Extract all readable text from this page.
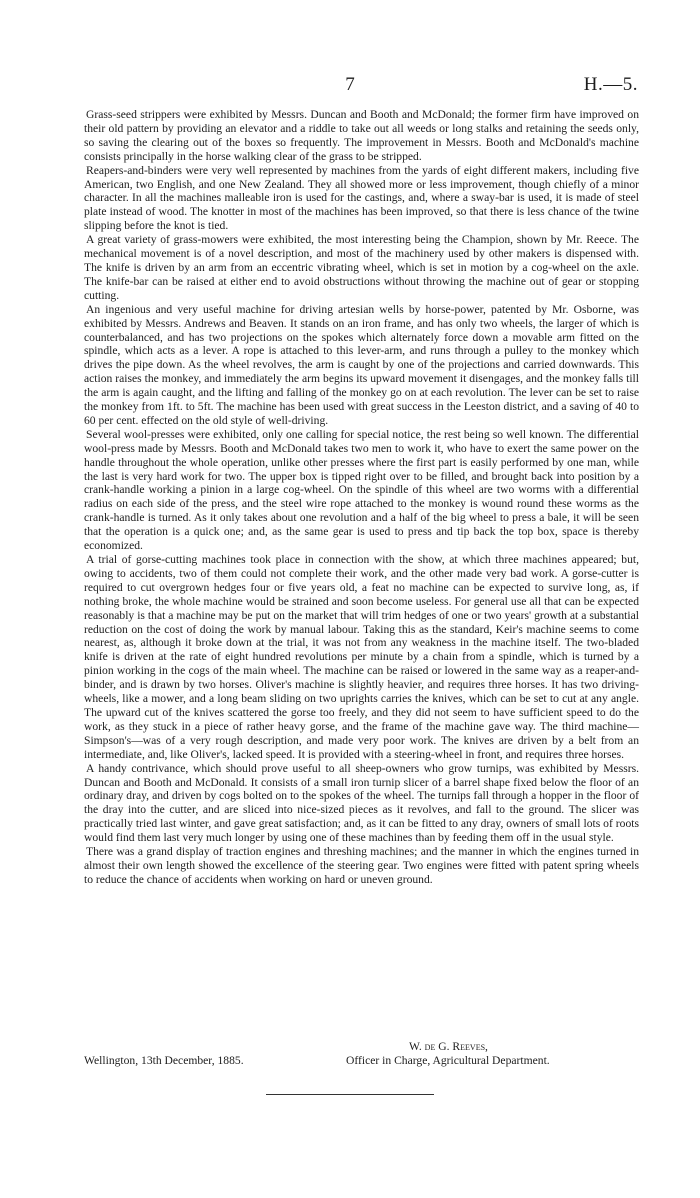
7	H.—5.

Grass-seed strippers were exhibited by Messrs. Duncan and Booth and McDonald; the former firm have improved on their old pattern by providing an elevator and a riddle to take out all weeds or long stalks and retaining the seeds only, so saving the clearing out of the boxes so frequently. The improvement in Messrs. Booth and McDonald's machine consists principally in the horse walking clear of the grass to be stripped.

Reapers-and-binders were very well represented by machines from the yards of eight different makers, including five American, two English, and one New Zealand. They all showed more or less improvement, though chiefly of a minor character. In all the machines malleable iron is used for the castings, and, where a sway-bar is used, it is made of steel plate instead of wood. The knotter in most of the machines has been improved, so that there is less chance of the twine slipping before the knot is tied.

A great variety of grass-mowers were exhibited, the most interesting being the Champion, shown by Mr. Reece. The mechanical movement is of a novel description, and most of the machinery used by other makers is dispensed with. The knife is driven by an arm from an eccentric vibrating wheel, which is set in motion by a cog-wheel on the axle. The knife-bar can be raised at either end to avoid obstructions without throwing the machine out of gear or stopping cutting.

An ingenious and very useful machine for driving artesian wells by horse-power, patented by Mr. Osborne, was exhibited by Messrs. Andrews and Beaven. It stands on an iron frame, and has only two wheels, the larger of which is counterbalanced, and has two projections on the spokes which alternately force down a movable arm fitted on the spindle, which acts as a lever. A rope is attached to this lever-arm, and runs through a pulley to the monkey which drives the pipe down. As the wheel revolves, the arm is caught by one of the projections and carried downwards. This action raises the monkey, and immediately the arm begins its upward movement it disengages, and the monkey falls till the arm is again caught, and the lifting and falling of the monkey go on at each revolution. The lever can be set to raise the monkey from 1ft. to 5ft. The machine has been used with great success in the Leeston district, and a saving of 40 to 60 per cent. effected on the old style of well-driving.

Several wool-presses were exhibited, only one calling for special notice, the rest being so well known. The differential wool-press made by Messrs. Booth and McDonald takes two men to work it, who have to exert the same power on the handle throughout the whole operation, unlike other presses where the first part is easily performed by one man, while the last is very hard work for two. The upper box is tipped right over to be filled, and brought back into position by a crank-handle working a pinion in a large cog-wheel. On the spindle of this wheel are two worms with a differential radius on each side of the press, and the steel wire rope attached to the monkey is wound round these worms as the crank-handle is turned. As it only takes about one revolution and a half of the big wheel to press a bale, it will be seen that the operation is a quick one; and, as the same gear is used to press and tip back the top box, space is thereby economized.

A trial of gorse-cutting machines took place in connection with the show, at which three machines appeared; but, owing to accidents, two of them could not complete their work, and the other made very bad work. A gorse-cutter is required to cut overgrown hedges four or five years old, a feat no machine can be expected to survive long, as, if nothing broke, the whole machine would be strained and soon become useless. For general use all that can be expected reasonably is that a machine may be put on the market that will trim hedges of one or two years' growth at a substantial reduction on the cost of doing the work by manual labour. Taking this as the standard, Keir's machine seems to come nearest, as, although it broke down at the trial, it was not from any weakness in the machine itself. The two-bladed knife is driven at the rate of eight hundred revolutions per minute by a chain from a spindle, which is turned by a pinion working in the cogs of the main wheel. The machine can be raised or lowered in the same way as a reaper-and-binder, and is drawn by two horses. Oliver's machine is slightly heavier, and requires three horses. It has two driving-wheels, like a mower, and a long beam sliding on two uprights carries the knives, which can be set to cut at any angle. The upward cut of the knives scattered the gorse too freely, and they did not seem to have sufficient speed to do the work, as they stuck in a piece of rather heavy gorse, and the frame of the machine gave way. The third machine—Simpson's—was of a very rough description, and made very poor work. The knives are driven by a belt from an intermediate, and, like Oliver's, lacked speed. It is provided with a steering-wheel in front, and requires three horses.

A handy contrivance, which should prove useful to all sheep-owners who grow turnips, was exhibited by Messrs. Duncan and Booth and McDonald. It consists of a small iron turnip slicer of a barrel shape fixed below the floor of an ordinary dray, and driven by cogs bolted on to the spokes of the wheel. The turnips fall through a hopper in the floor of the dray into the cutter, and are sliced into nice-sized pieces as it revolves, and fall to the ground. The slicer was practically tried last winter, and gave great satisfaction; and, as it can be fitted to any dray, owners of small lots of roots would find them last very much longer by using one of these machines than by feeding them off in the usual style.

There was a grand display of traction engines and threshing machines; and the manner in which the engines turned in almost their own length showed the excellence of the steering gear. Two engines were fitted with patent spring wheels to reduce the chance of accidents when working on hard or uneven ground.

W. de G. Reeves,
Wellington, 13th December, 1885.	Officer in Charge, Agricultural Department.
